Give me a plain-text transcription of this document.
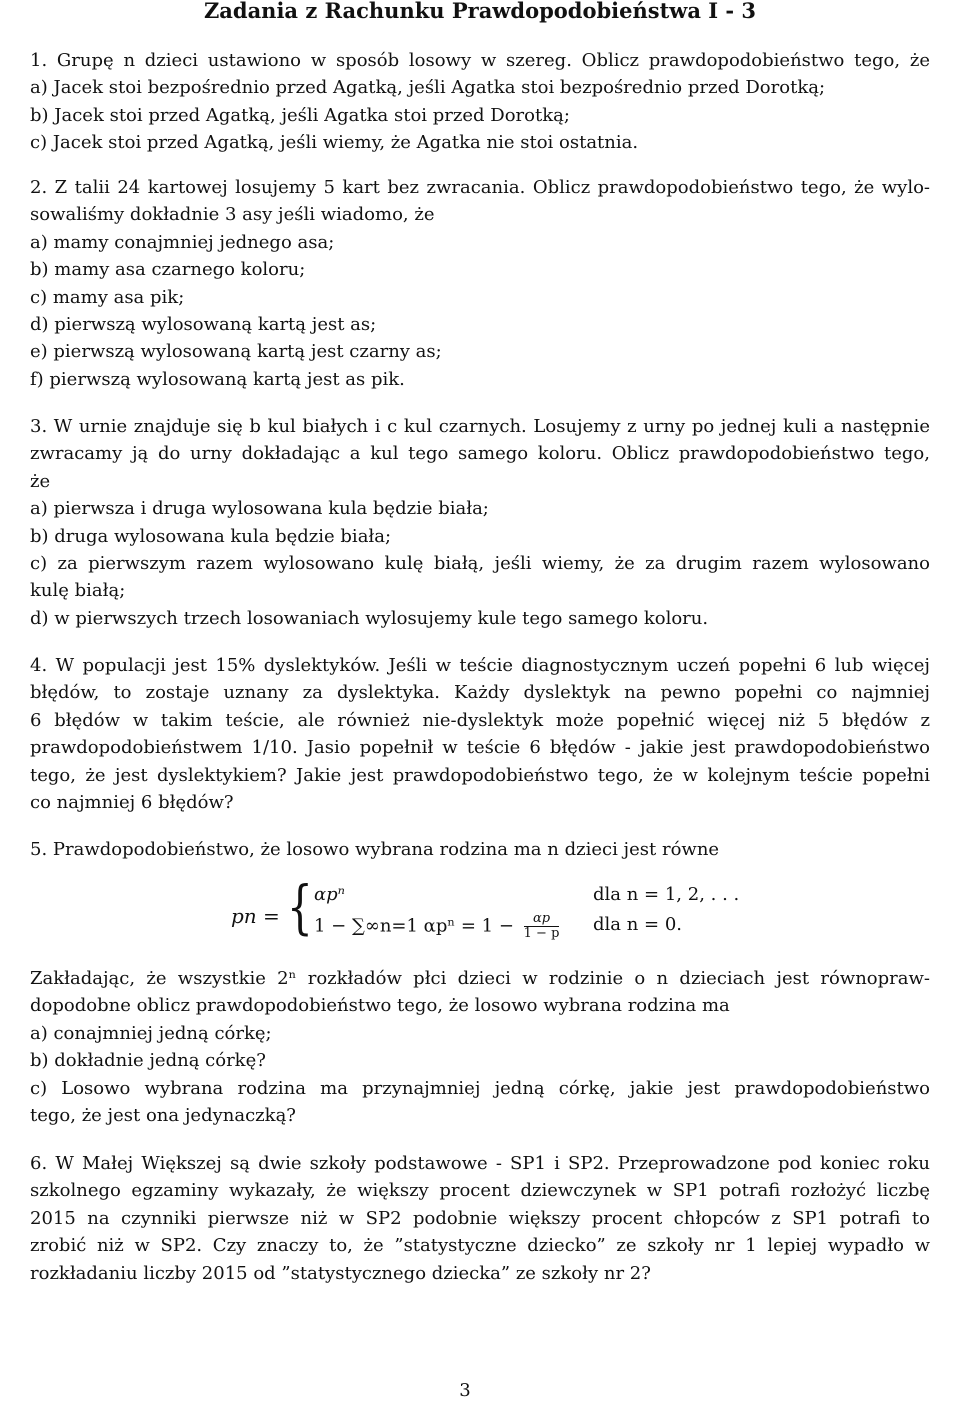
Zadania z Rachunku Prawdopodobieństwa I - 3
1. Grupę n dzieci ustawiono w sposób losowy w szereg. Oblicz prawdopodobieństwo tego, że
a) Jacek stoi bezpośrednio przed Agatką, jeśli Agatka stoi bezpośrednio przed Dorotką;
b) Jacek stoi przed Agatką, jeśli Agatka stoi przed Dorotką;
c) Jacek stoi przed Agatką, jeśli wiemy, że Agatka nie stoi ostatnia.
2. Z talii 24 kartowej losujemy 5 kart bez zwracania. Oblicz prawdopodobieństwo tego, że wylo-
sowaliśmy dokładnie 3 asy jeśli wiadomo, że
a) mamy conajmniej jednego asa;
b) mamy asa czarnego koloru;
c) mamy asa pik;
d) pierwszą wylosowaną kartą jest as;
e) pierwszą wylosowaną kartą jest czarny as;
f) pierwszą wylosowaną kartą jest as pik.
3. W urnie znajduje się b kul białych i c kul czarnych. Losujemy z urny po jednej kuli a następnie
zwracamy ją do urny dokładając a kul tego samego koloru. Oblicz prawdopodobieństwo tego,
że
a) pierwsza i druga wylosowana kula będzie biała;
b) druga wylosowana kula będzie biała;
c) za pierwszym razem wylosowano kulę białą, jeśli wiemy, że za drugim razem wylosowano
kulę białą;
d) w pierwszych trzech losowaniach wylosujemy kule tego samego koloru.
4. W populacji jest 15% dyslektyków. Jeśli w teście diagnostycznym uczeń popełni 6 lub więcej
błędów, to zostaje uznany za dyslektyka. Każdy dyslektyk na pewno popełni co najmniej
6 błędów w takim teście, ale również nie-dyslektyk może popełnić więcej niż 5 błędów z
prawdopodobieństwem 1/10. Jasio popełnił w teście 6 błędów - jakie jest prawdopodobieństwo
tego, że jest dyslektykiem? Jakie jest prawdopodobieństwo tego, że w kolejnym teście popełni
co najmniej 6 błędów?
5. Prawdopodobieństwo, że losowo wybrana rodzina ma n dzieci jest równe
pn = { αpⁿ	dla n = 1, 2, . . .
1 − ∑∞n=1 $\alpha p^n = 1 - \frac{\alpha p}{1 - p}$ dla n = 0.
Zakładając, że wszystkie 2ⁿ rozkładów płci dzieci w rodzinie o n dzieciach jest równopraw-
dopodobne oblicz prawdopodobieństwo tego, że losowo wybrana rodzina ma
a) conajmniej jedną córkę;
b) dokładnie jedną córkę?
c) Losowo wybrana rodzina ma przynajmniej jedną córkę, jakie jest prawdopodobieństwo
tego, że jest ona jedynaczką?
6. W Małej Większej są dwie szkoły podstawowe - SP1 i SP2. Przeprowadzone pod koniec roku
szkolnego egzaminy wykazały, że większy procent dziewczynek w SP1 potrafi rozłożyć liczbę
2015 na czynniki pierwsze niż w SP2 podobnie większy procent chłopców z SP1 potrafi to
zrobić niż w SP2. Czy znaczy to, że ”statystyczne dziecko” ze szkoły nr 1 lepiej wypadło w
rozkładaniu liczby 2015 od ”statystycznego dziecka” ze szkoły nr 2?
3
